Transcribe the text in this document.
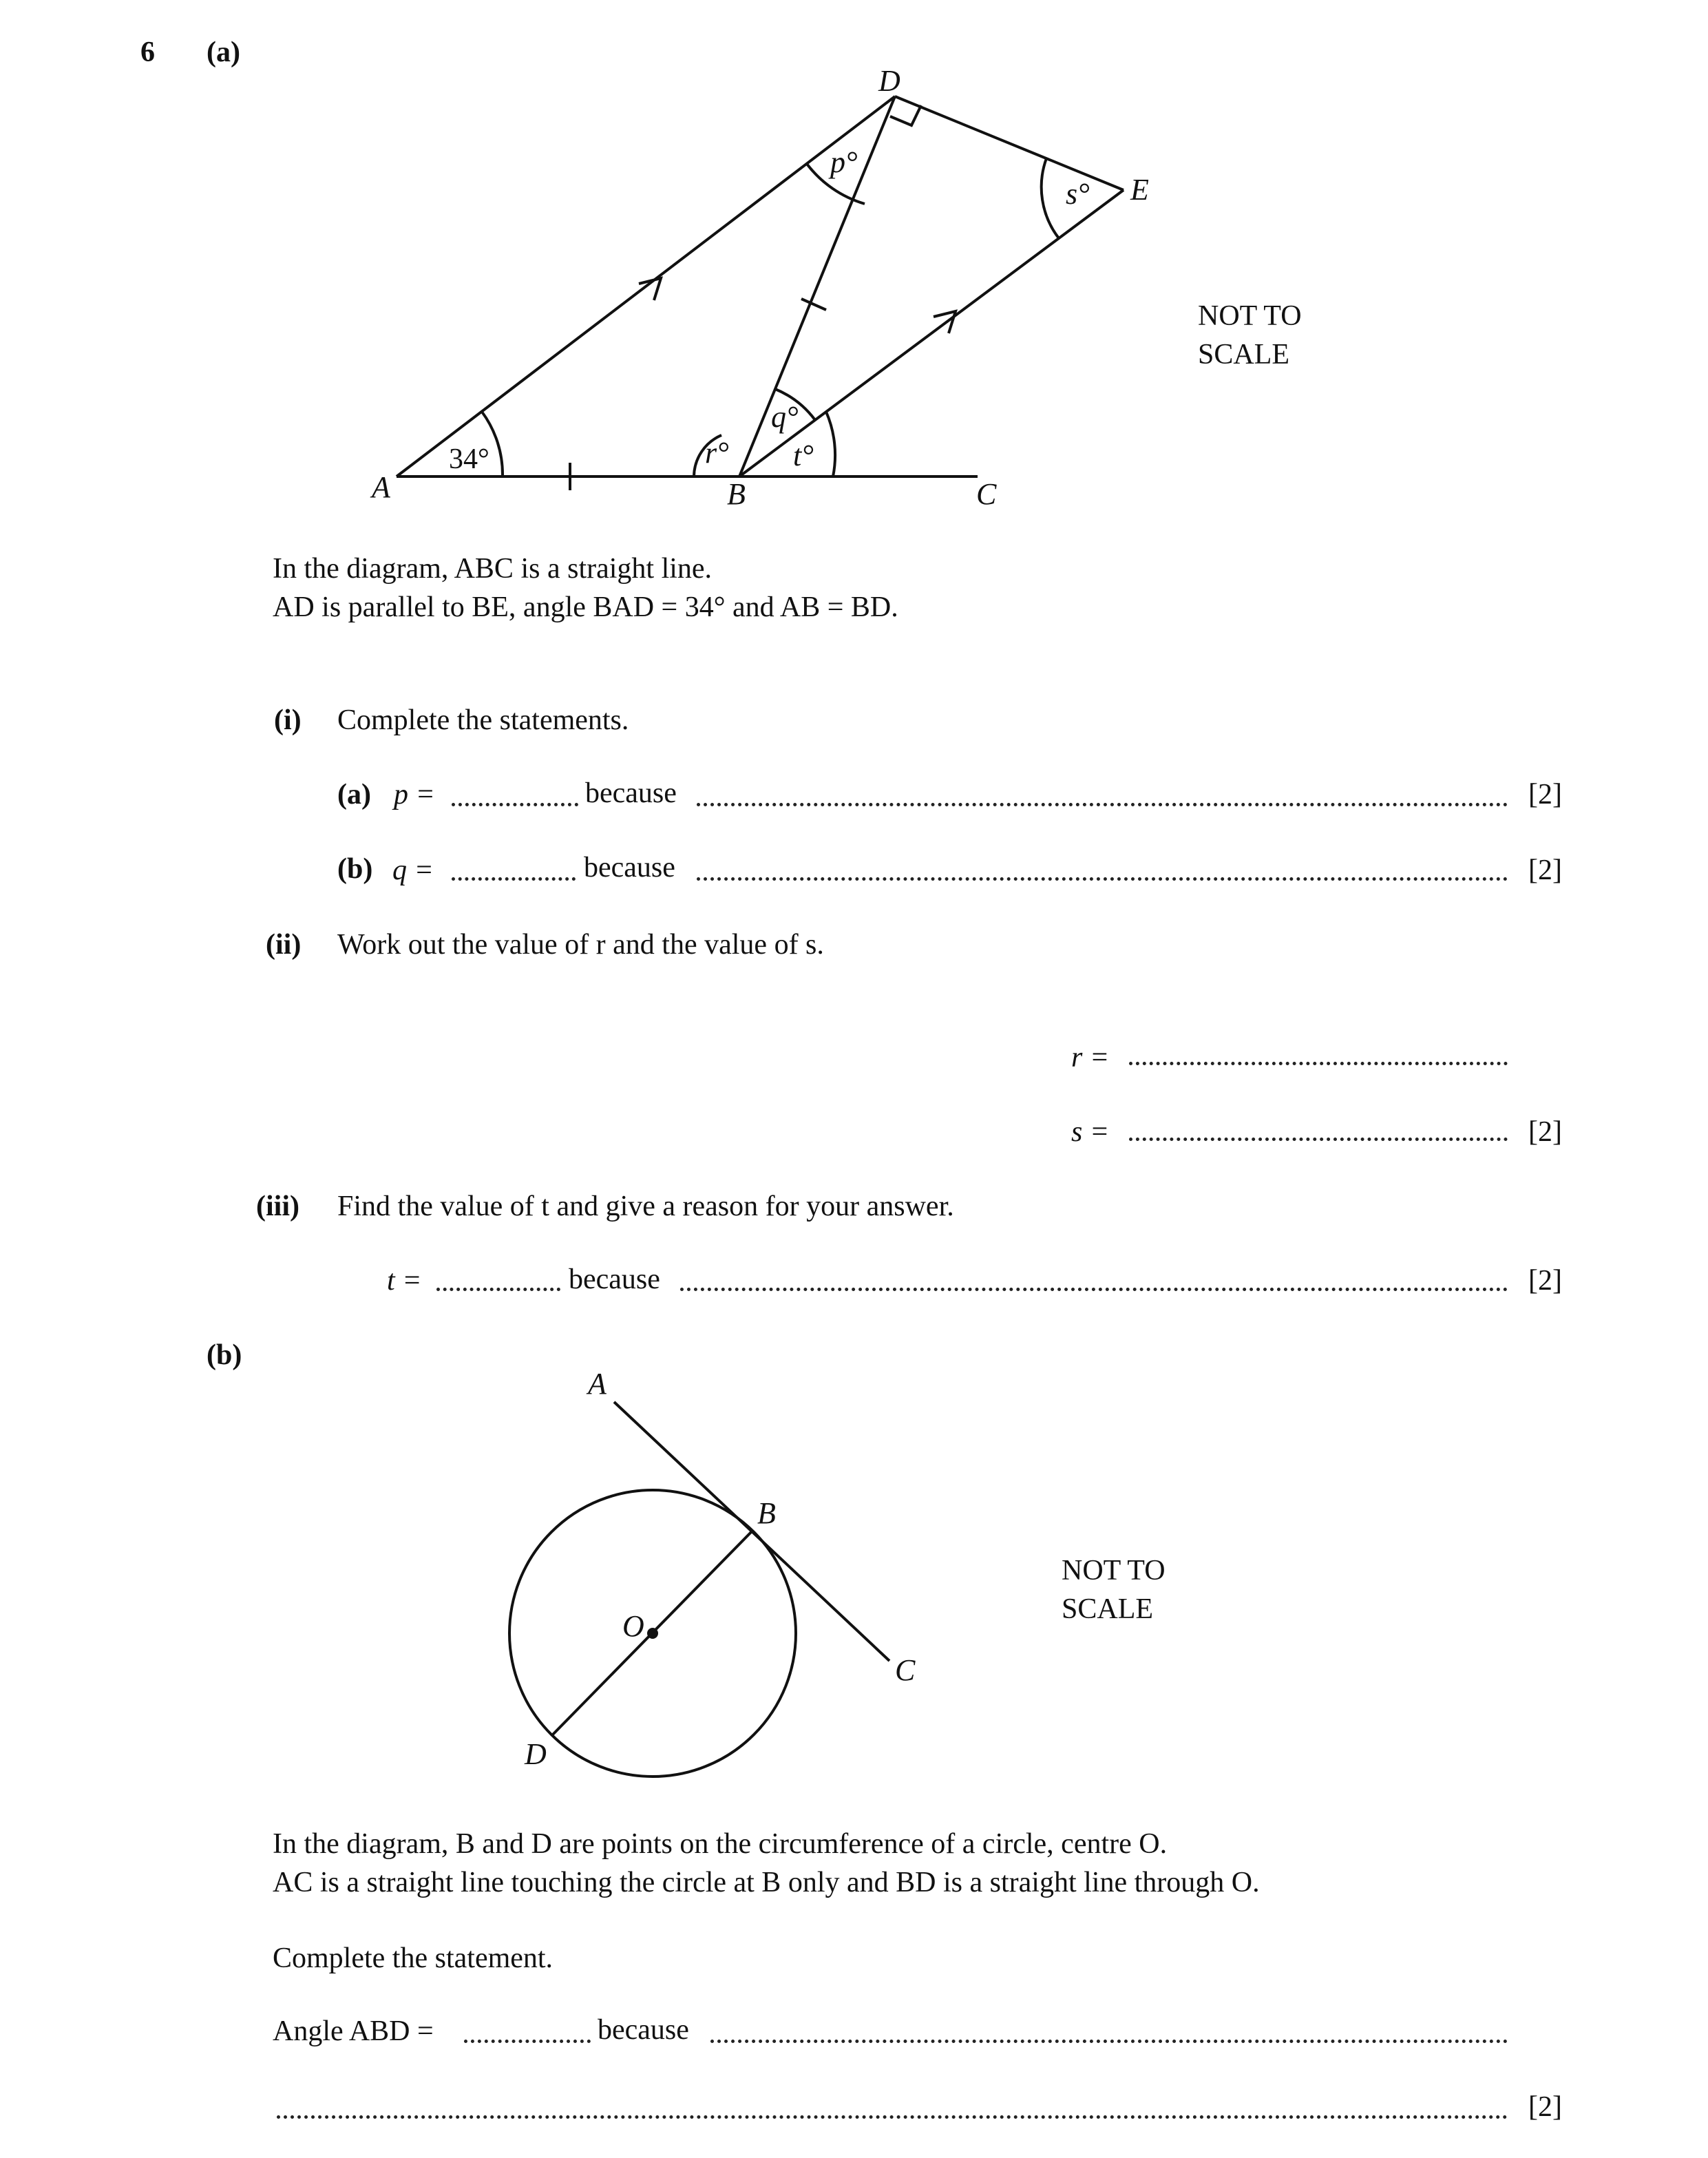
6 (a)
A	B	C
D
E
34°
p°
s°
r°
q°
t°
NOT TO
SCALE
In the diagram, ABC is a straight line.
AD is parallel to BE, angle BAD = 34° and AB = BD.
(i) Complete the statements.
(a) p =	because	[2]
(b) q =	because	[2]
(ii) Work out the value of r and the value of s.
r =
s =	[2]
(iii) Find the value of t and give a reason for your answer.
t =	because	[2]
(b)
A
B
C
D
O
NOT TO
SCALE
In the diagram, B and D are points on the circumference of a circle, centre O.
AC is a straight line touching the circle at B only and BD is a straight line through O.
Complete the statement.
Angle ABD =	because
[2]
